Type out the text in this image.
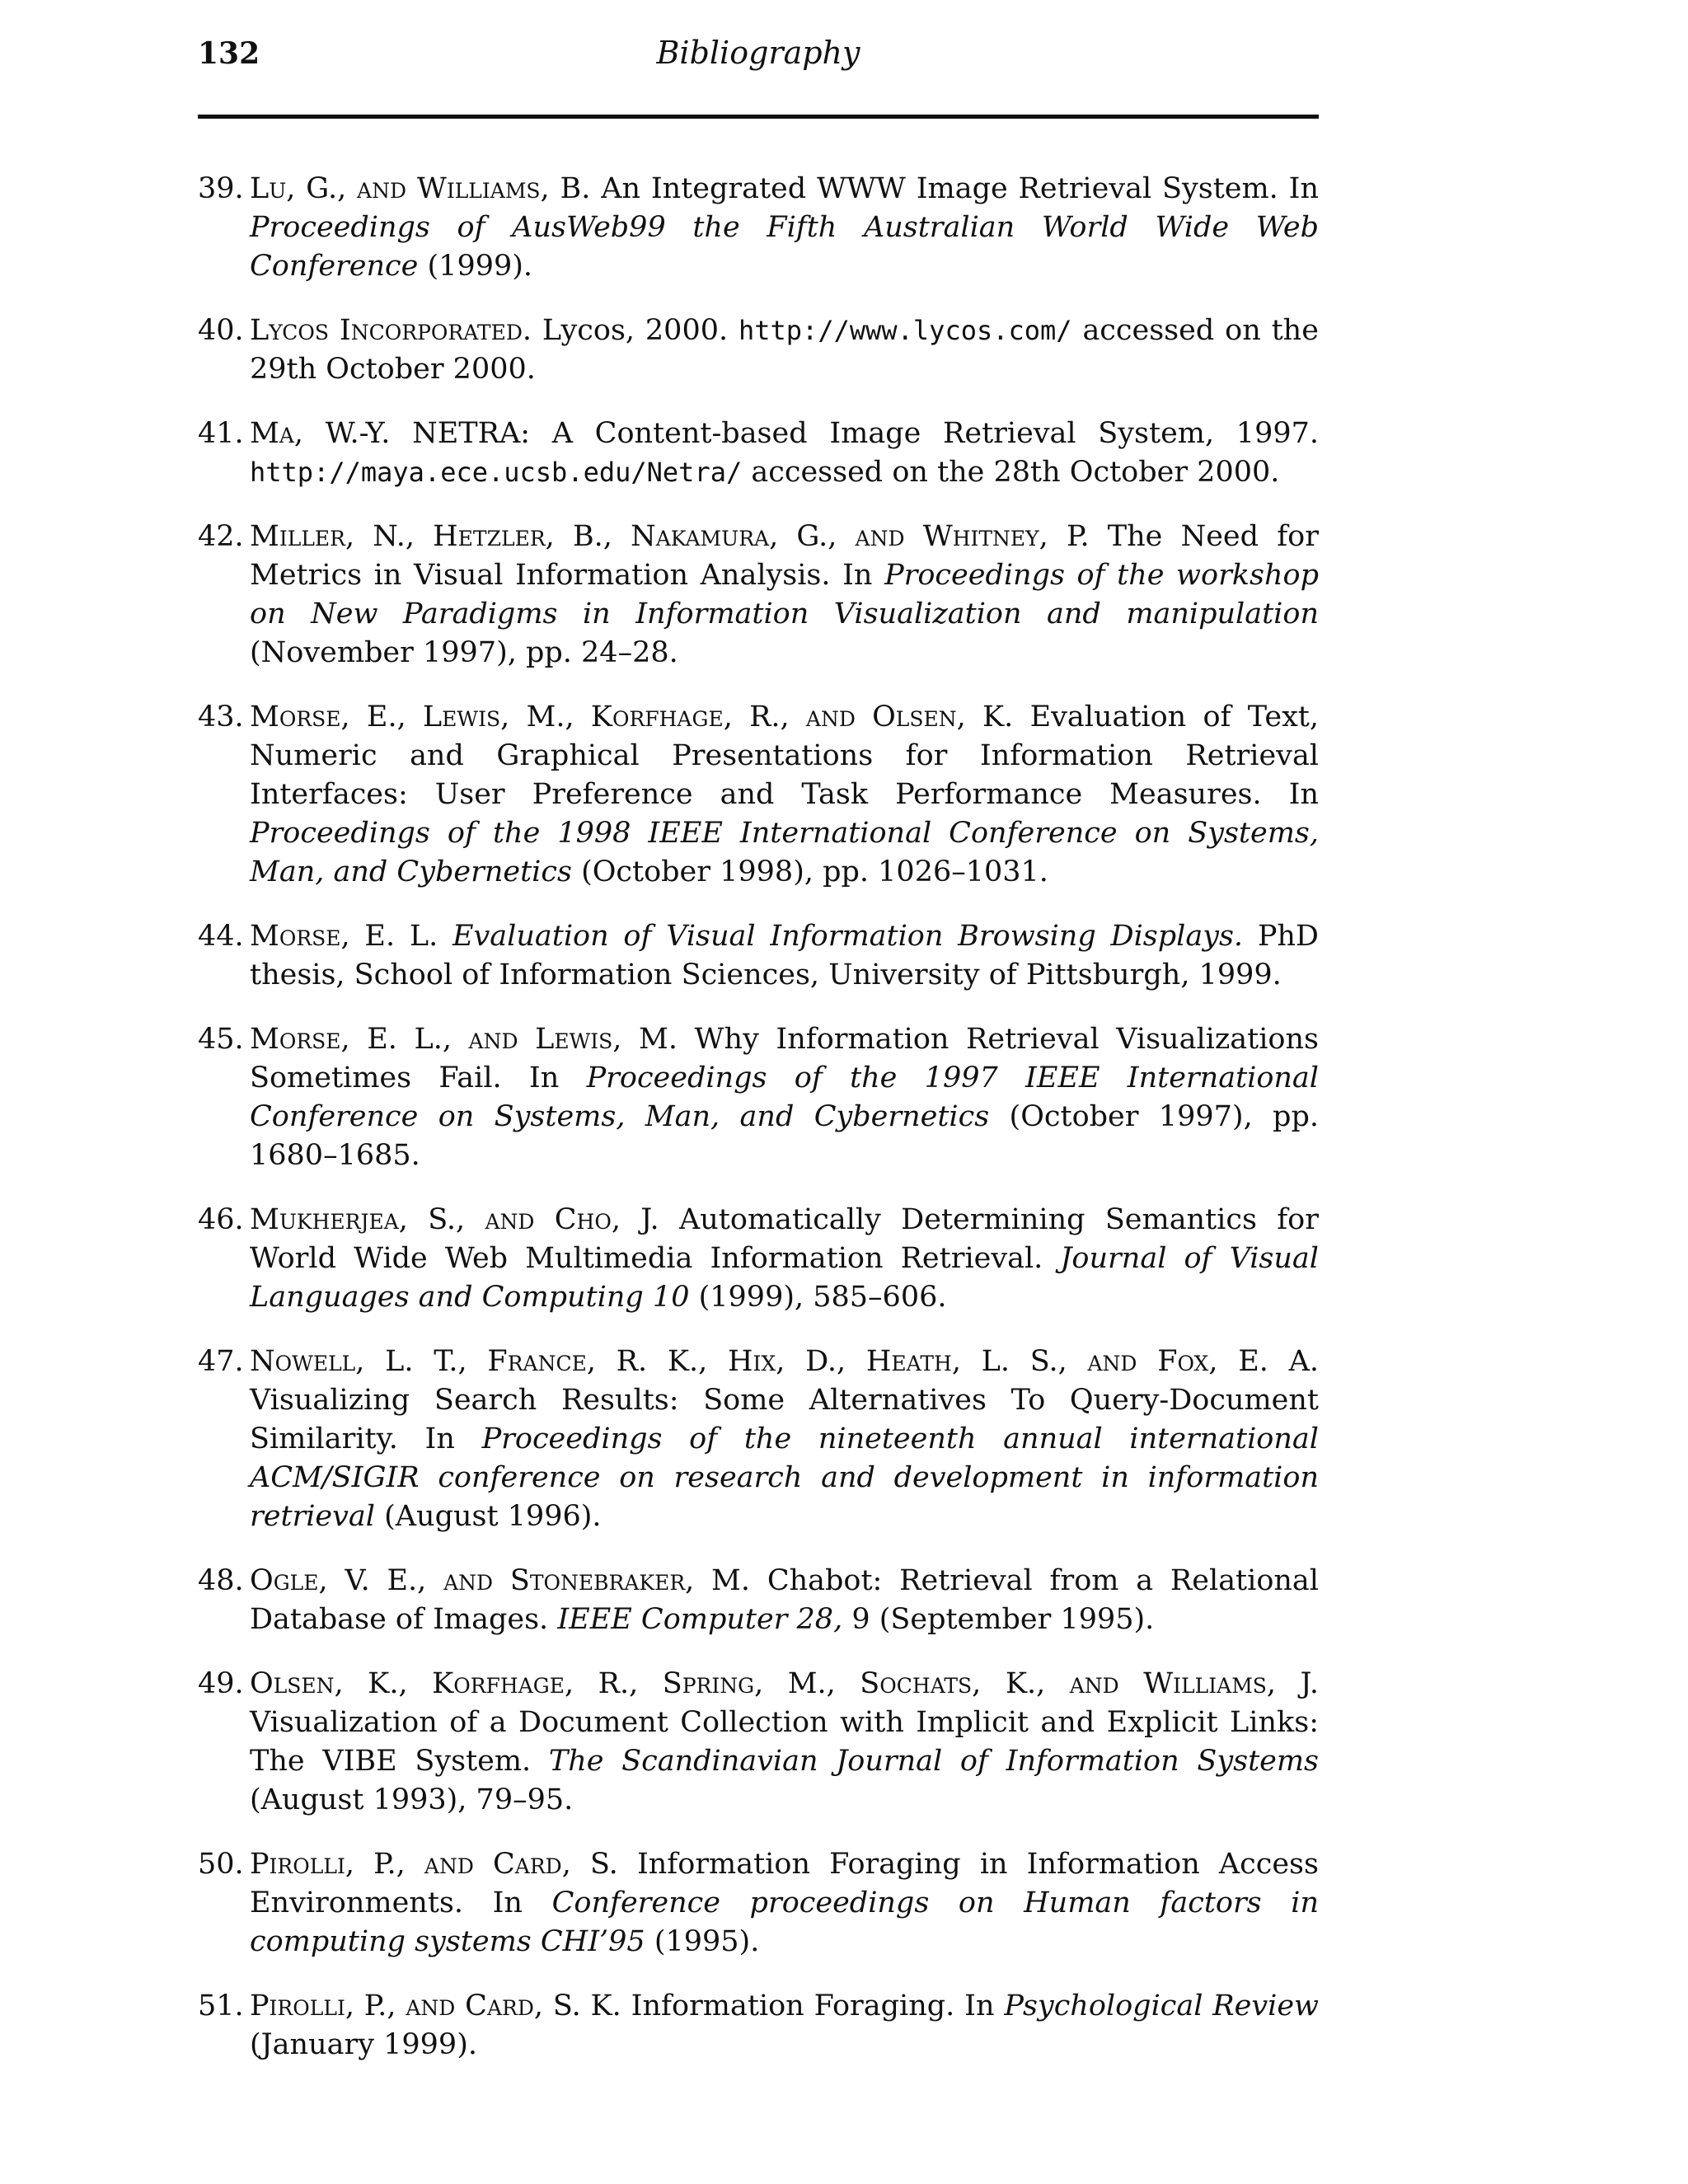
132	Bibliography
39. Lu, G., and Williams, B. An Integrated WWW Image Retrieval System. In Proceedings of AusWeb99 the Fifth Australian World Wide Web Conference (1999).
40. Lycos Incorporated. Lycos, 2000. http://www.lycos.com/ accessed on the 29th October 2000.
41. Ma, W.-Y. NETRA: A Content-based Image Retrieval System, 1997. http://maya.ece.ucsb.edu/Netra/ accessed on the 28th October 2000.
42. Miller, N., Hetzler, B., Nakamura, G., and Whitney, P. The Need for Metrics in Visual Information Analysis. In Proceedings of the workshop on New Paradigms in Information Visualization and manipulation (November 1997), pp. 24–28.
43. Morse, E., Lewis, M., Korfhage, R., and Olsen, K. Evaluation of Text, Numeric and Graphical Presentations for Information Retrieval Interfaces: User Preference and Task Performance Measures. In Proceedings of the 1998 IEEE International Conference on Systems, Man, and Cybernetics (October 1998), pp. 1026–1031.
44. Morse, E. L. Evaluation of Visual Information Browsing Displays. PhD thesis, School of Information Sciences, University of Pittsburgh, 1999.
45. Morse, E. L., and Lewis, M. Why Information Retrieval Visualizations Sometimes Fail. In Proceedings of the 1997 IEEE International Conference on Systems, Man, and Cybernetics (October 1997), pp. 1680–1685.
46. Mukherjea, S., and Cho, J. Automatically Determining Semantics for World Wide Web Multimedia Information Retrieval. Journal of Visual Languages and Computing 10 (1999), 585–606.
47. Nowell, L. T., France, R. K., Hix, D., Heath, L. S., and Fox, E. A. Visualizing Search Results: Some Alternatives To Query-Document Similarity. In Proceedings of the nineteenth annual international ACM/SIGIR conference on research and development in information retrieval (August 1996).
48. Ogle, V. E., and Stonebraker, M. Chabot: Retrieval from a Relational Database of Images. IEEE Computer 28, 9 (September 1995).
49. Olsen, K., Korfhage, R., Spring, M., Sochats, K., and Williams, J. Visualization of a Document Collection with Implicit and Explicit Links: The VIBE System. The Scandinavian Journal of Information Systems (August 1993), 79–95.
50. Pirolli, P., and Card, S. Information Foraging in Information Access Environments. In Conference proceedings on Human factors in computing systems CHI’95 (1995).
51. Pirolli, P., and Card, S. K. Information Foraging. In Psychological Review (January 1999).
